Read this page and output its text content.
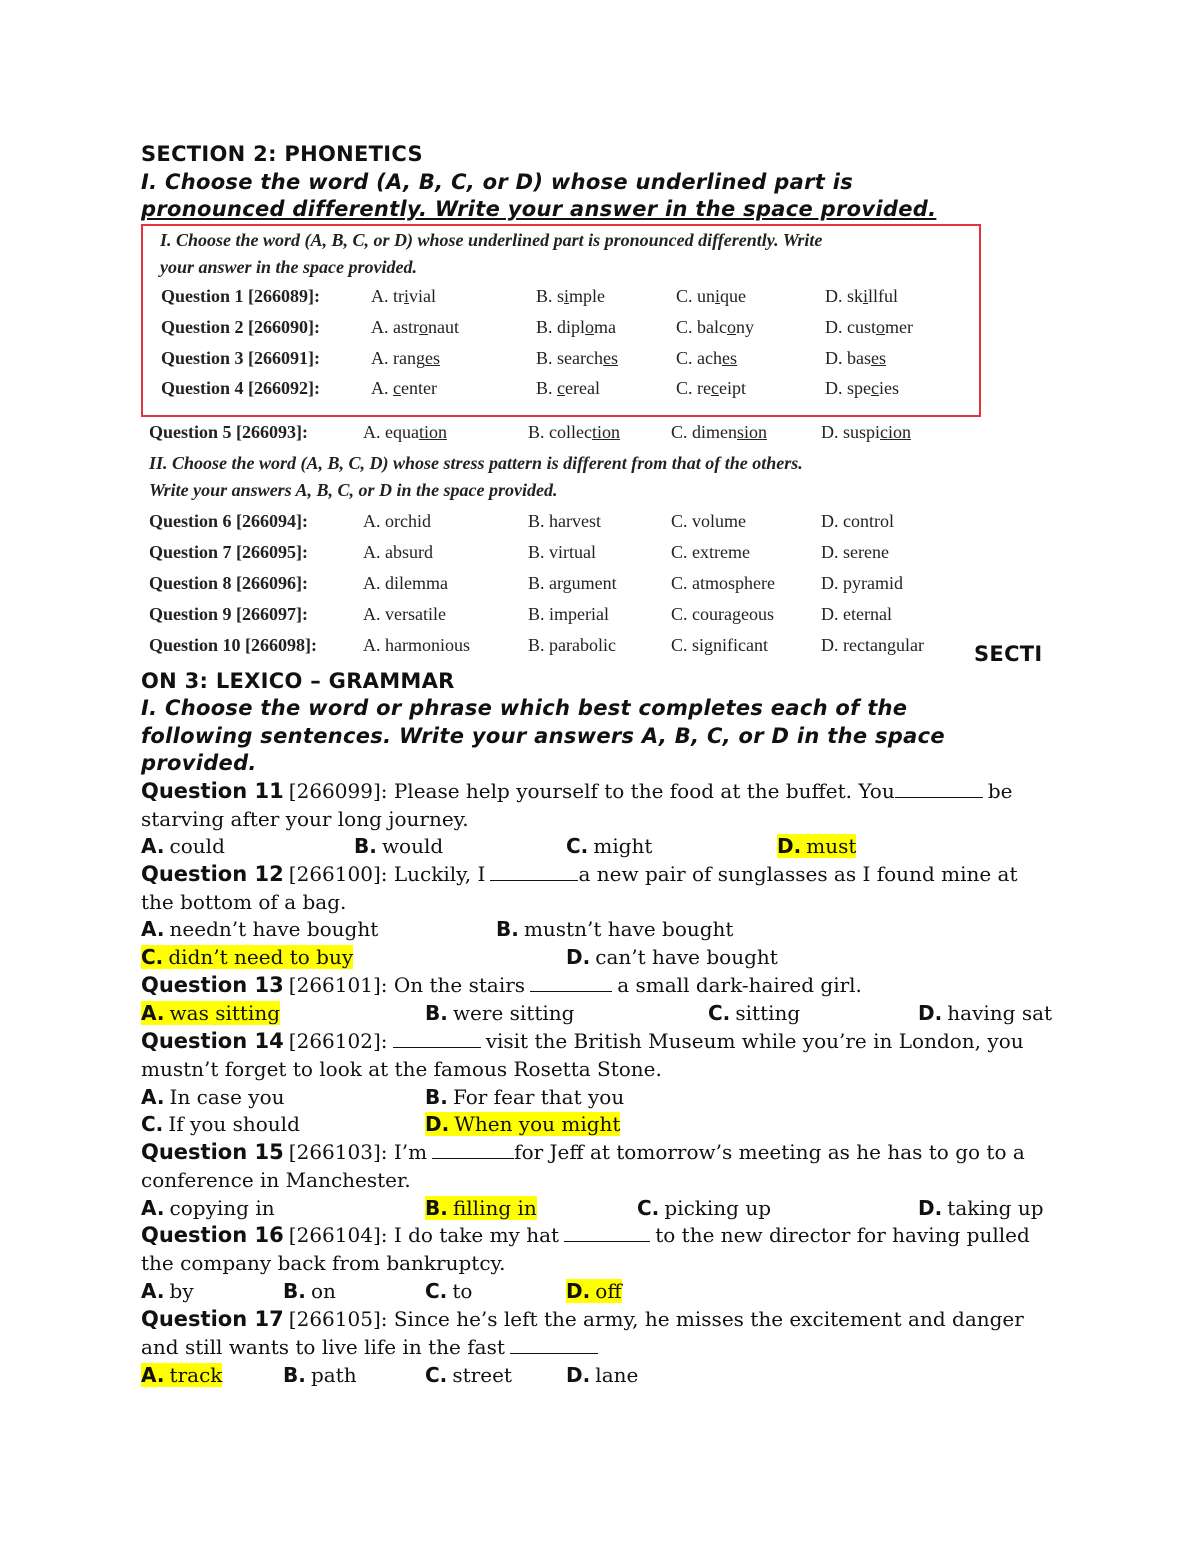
SECTION 2: PHONETICS
I. Choose the word (A, B, C, or D) whose underlined part is
pronounced differently. Write your answer in the space provided.
I. Choose the word (A, B, C, or D) whose underlined part is pronounced differently. Write
your answer in the space provided.
Question 1 [266089]:	A. trivial	B. simple	C. unique	D. skillful
Question 2 [266090]:	A. astronaut	B. diploma	C. balcony	D. customer
Question 3 [266091]:	A. ranges	B. searches	C. aches	D. bases
Question 4 [266092]:	A. center	B. cereal	C. receipt	D. species
Question 5 [266093]:	A. equation	B. collection	C. dimension	D. suspicion
II. Choose the word (A, B, C, D) whose stress pattern is different from that of the others.
Write your answers A, B, C, or D in the space provided.
Question 6 [266094]:	A. orchid	B. harvest	C. volume	D. control
Question 7 [266095]:	A. absurd	B. virtual	C. extreme	D. serene
Question 8 [266096]:	A. dilemma	B. argument	C. atmosphere	D. pyramid
Question 9 [266097]:	A. versatile	B. imperial	C. courageous	D. eternal
Question 10 [266098]:	A. harmonious	B. parabolic	C. significant	D. rectangular SECTI
ON 3: LEXICO – GRAMMAR
I. Choose the word or phrase which best completes each of the
following sentences. Write your answers A, B, C, or D in the space
provided.
Question 11 [266099]: Please help yourself to the food at the buffet. You	be
starving after your long journey.
A. could	B. would	C. might	D. must
Question 12 [266100]: Luckily, I	a new pair of sunglasses as I found mine at
the bottom of a bag.
A. needn’t have bought	B. mustn’t have bought
C. didn’t need to buy	D. can’t have bought
Question 13 [266101]: On the stairs	a small dark-haired girl.
A. was sitting	B. were sitting	C. sitting	D. having sat
Question 14 [266102]:	visit the British Museum while you’re in London, you
mustn’t forget to look at the famous Rosetta Stone.
A. In case you	B. For fear that you
C. If you should	D. When you might
Question 15 [266103]: I’m	for Jeff at tomorrow’s meeting as he has to go to a
conference in Manchester.
A. copying in	B. filling in	C. picking up	D. taking up
Question 16 [266104]: I do take my hat	to the new director for having pulled
the company back from bankruptcy.
A. by	B. on	C. to	D. off
Question 17 [266105]: Since he’s left the army, he misses the excitement and danger
and still wants to live life in the fast
A. track	B. path	C. street	D. lane
